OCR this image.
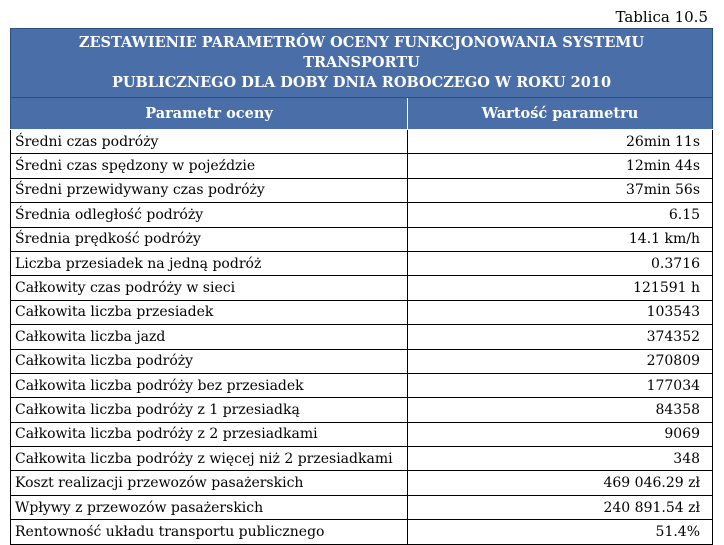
Tablica 10.5
ZESTAWIENIE PARAMETRÓW OCENY FUNKCJONOWANIA SYSTEMU TRANSPORTU
PUBLICZNEGO DLA DOBY DNIA ROBOCZEGO W ROKU 2010	

Parametr oceny	Wartość parametru
Średni czas podróży	26min 11s
Średni czas spędzony w pojeździe	12min 44s
Średni przewidywany czas podróży	37min 56s
Średnia odległość podróży	6.15
Średnia prędkość podróży	14.1 km/h
Liczba przesiadek na jedną podróż	0.3716
Całkowity czas podróży w sieci	121591 h
Całkowita liczba przesiadek	103543
Całkowita liczba jazd	374352
Całkowita liczba podróży	270809
Całkowita liczba podróży bez przesiadek	177034
Całkowita liczba podróży z 1 przesiadką	84358
Całkowita liczba podróży z 2 przesiadkami	9069
Całkowita liczba podróży z więcej niż 2 przesiadkami	348
Koszt realizacji przewozów pasażerskich	469 046.29 zł
Wpływy z przewozów pasażerskich	240 891.54 zł
Rentowność układu transportu publicznego	51.4%
